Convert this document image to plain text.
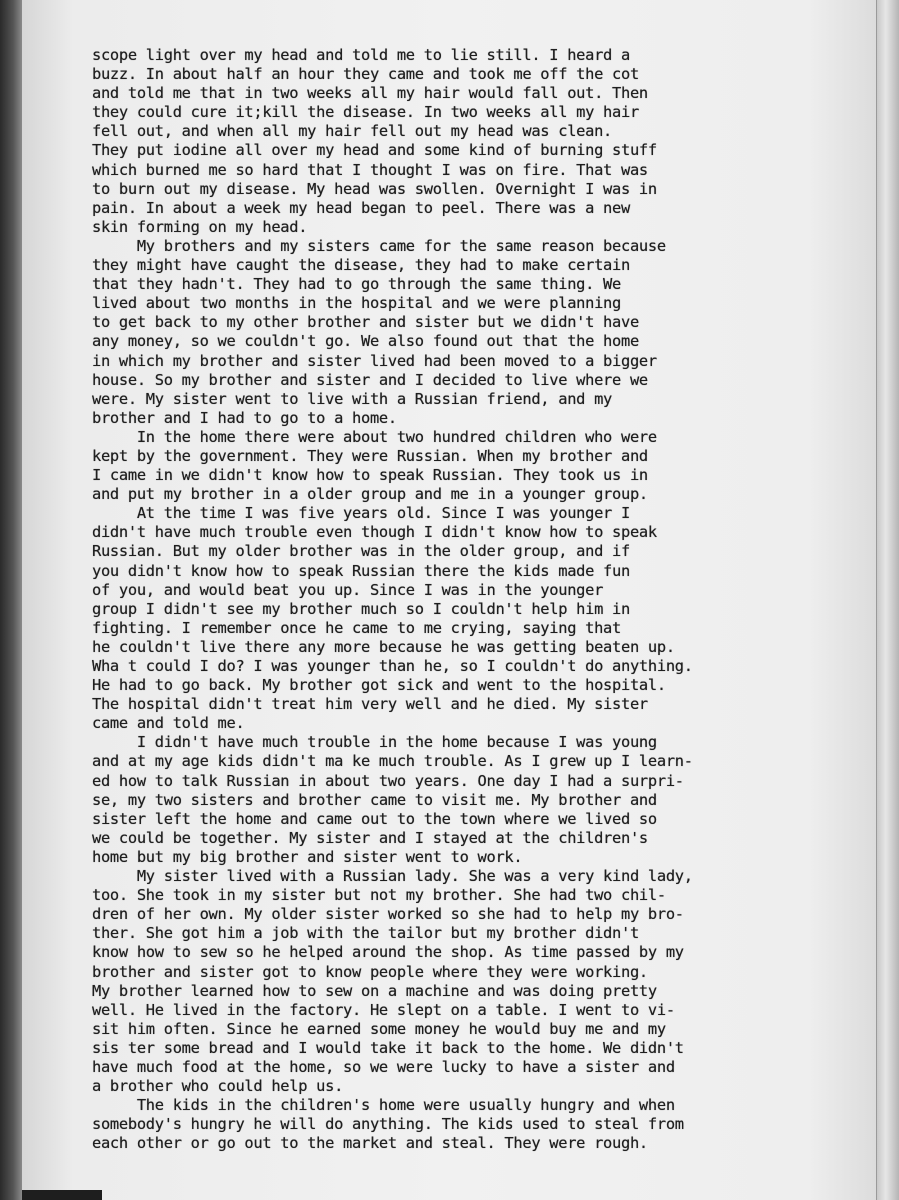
scope light over my head and told me to lie still. I heard a
buzz. In about half an hour they came and took me off the cot
and told me that in two weeks all my hair would fall out. Then
they could cure it;kill the disease. In two weeks all my hair
fell out, and when all my hair fell out my head was clean.
They put iodine all over my head and some kind of burning stuff
which burned me so hard that I thought I was on fire. That was
to burn out my disease. My head was swollen. Overnight I was in
pain. In about a week my head began to peel. There was a new
skin forming on my head.
My brothers and my sisters came for the same reason because
they might have caught the disease, they had to make certain
that they hadn't. They had to go through the same thing. We
lived about two months in the hospital and we were planning
to get back to my other brother and sister but we didn't have
any money, so we couldn't go. We also found out that the home
in which my brother and sister lived had been moved to a bigger
house. So my brother and sister and I decided to live where we
were. My sister went to live with a Russian friend, and my
brother and I had to go to a home.
In the home there were about two hundred children who were
kept by the government. They were Russian. When my brother and
I came in we didn't know how to speak Russian. They took us in
and put my brother in a older group and me in a younger group.
At the time I was five years old. Since I was younger I
didn't have much trouble even though I didn't know how to speak
Russian. But my older brother was in the older group, and if
you didn't know how to speak Russian there the kids made fun
of you, and would beat you up. Since I was in the younger
group I didn't see my brother much so I couldn't help him in
fighting. I remember once he came to me crying, saying that
he couldn't live there any more because he was getting beaten up.
Wha t could I do? I was younger than he, so I couldn't do anything.
He had to go back. My brother got sick and went to the hospital.
The hospital didn't treat him very well and he died. My sister
came and told me.
I didn't have much trouble in the home because I was young
and at my age kids didn't ma ke much trouble. As I grew up I learn-
ed how to talk Russian in about two years. One day I had a surpri-
se, my two sisters and brother came to visit me. My brother and
sister left the home and came out to the town where we lived so
we could be together. My sister and I stayed at the children's
home but my big brother and sister went to work.
My sister lived with a Russian lady. She was a very kind lady,
too. She took in my sister but not my brother. She had two chil-
dren of her own. My older sister worked so she had to help my bro-
ther. She got him a job with the tailor but my brother didn't
know how to sew so he helped around the shop. As time passed by my
brother and sister got to know people where they were working.
My brother learned how to sew on a machine and was doing pretty
well. He lived in the factory. He slept on a table. I went to vi-
sit him often. Since he earned some money he would buy me and my
sis ter some bread and I would take it back to the home. We didn't
have much food at the home, so we were lucky to have a sister and
a brother who could help us.
The kids in the children's home were usually hungry and when
somebody's hungry he will do anything. The kids used to steal from
each other or go out to the market and steal. They were rough.
